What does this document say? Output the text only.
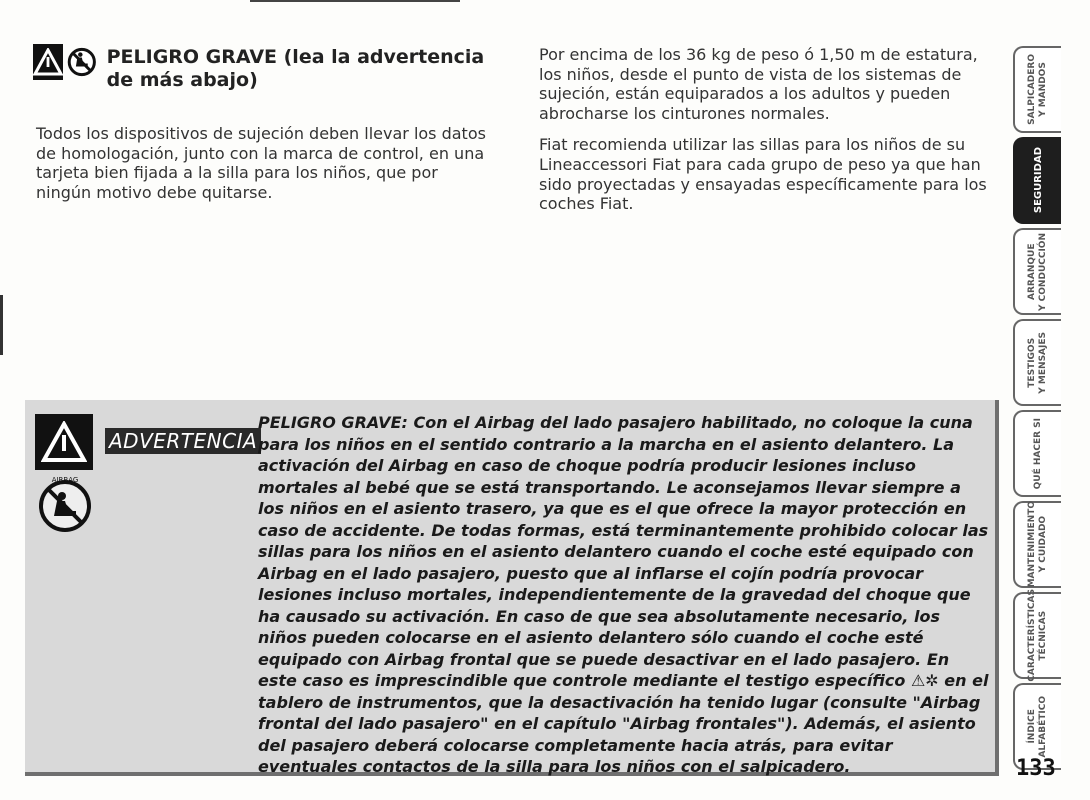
PELIGRO GRAVE (lea la advertencia de más abajo)
Todos los dispositivos de sujeción deben llevar los datos de homologación, junto con la marca de control, en una tarjeta bien fijada a la silla para los niños, que por ningún motivo debe quitarse.

Por encima de los 36 kg de peso ó 1,50 m de estatura, los niños, desde el punto de vista de los sistemas de sujeción, están equiparados a los adultos y pueden abrocharse los cinturones normales.

Fiat recomienda utilizar las sillas para los niños de su Lineaccessori Fiat para cada grupo de peso ya que han sido proyectadas y ensayadas específicamente para los coches Fiat.

ADVERTENCIA
AIRBAG
PELIGRO GRAVE: Con el Airbag del lado pasajero habilitado, no coloque la cuna para los niños en el sentido contrario a la marcha en el asiento delantero. La activación del Airbag en caso de choque podría producir lesiones incluso mortales al bebé que se está transportando. Le aconsejamos llevar siempre a los niños en el asiento trasero, ya que es el que ofrece la mayor protección en caso de accidente. De todas formas, está terminantemente prohibido colocar las sillas para los niños en el asiento delantero cuando el coche esté equipado con Airbag en el lado pasajero, puesto que al inflarse el cojín podría provocar lesiones incluso mortales, independientemente de la gravedad del choque que ha causado su activación. En caso de que sea absolutamente necesario, los niños pueden colocarse en el asiento delantero sólo cuando el coche esté equipado con Airbag frontal que se puede desactivar en el lado pasajero. En este caso es imprescindible que controle mediante el testigo específico ⚠︎✲ en el tablero de instrumentos, que la desactivación ha tenido lugar (consulte "Airbag frontal del lado pasajero" en el capítulo "Airbag frontales"). Además, el asiento del pasajero deberá colocarse completamente hacia atrás, para evitar eventuales contactos de la silla para los niños con el salpicadero.
SALPICADERO
Y MANDOS
SEGURIDAD
ARRANQUE
Y CONDUCCIÓN
TESTIGOS
Y MENSAJES
QUÉ HACER SI
MANTENIMIENTO
Y CUIDADO
CARACTERÍSTICAS
TÉCNICAS
ÍNDICE
ALFABÉTICO
133
